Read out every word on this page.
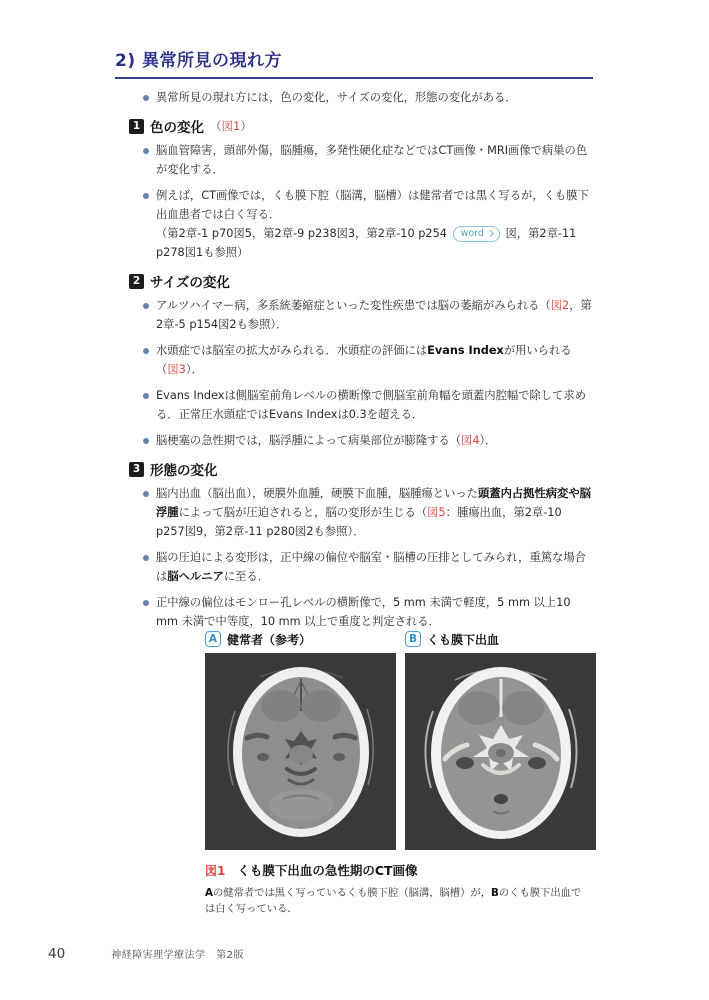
2) 異常所見の現れ方
異常所見の現れ方には，色の変化，サイズの変化，形態の変化がある．
1 色の変化 （図1）
脳血管障害，頭部外傷，脳腫瘍，多発性硬化症などではCT画像・MRI画像で病巣の色が変化する．
例えば，CT画像では，くも膜下腔（脳溝，脳槽）は健常者では黒く写るが，くも膜下出血患者では白く写る．
（第2章-1 p70図5，第2章-9 p238図3，第2章-10 p254 word 図，第2章-11 p278図1も参照）
2 サイズの変化
アルツハイマー病，多系統萎縮症といった変性疾患では脳の萎縮がみられる（図2，第2章-5 p154図2も参照）．
水頭症では脳室の拡大がみられる．水頭症の評価にはEvans Indexが用いられる（図3）．
Evans Indexは側脳室前角レベルの横断像で側脳室前角幅を頭蓋内腔幅で除して求める．正常圧水頭症ではEvans Indexは0.3を超える．
脳梗塞の急性期では，脳浮腫によって病巣部位が膨隆する（図4）．
3 形態の変化
脳内出血（脳出血），硬膜外血腫，硬膜下血腫，脳腫瘍といった頭蓋内占拠性病変や脳浮腫によって脳が圧迫されると，脳の変形が生じる（図5：腫瘍出血，第2章-10 p257図9，第2章-11 p280図2も参照）．
脳の圧迫による変形は，正中線の偏位や脳室・脳槽の圧排としてみられ，重篤な場合は脳ヘルニアに至る．
正中線の偏位はモンロー孔レベルの横断像で，5 mm 未満で軽度，5 mm 以上10 mm 未満で中等度，10 mm 以上で重度と判定される．
A 健常者（参考）	B くも膜下出血
図1 くも膜下出血の急性期のCT画像
Aの健常者では黒く写っているくも膜下腔（脳溝，脳槽）が，Bのくも膜下出血では白く写っている．
40	神経障害理学療法学　第2版
